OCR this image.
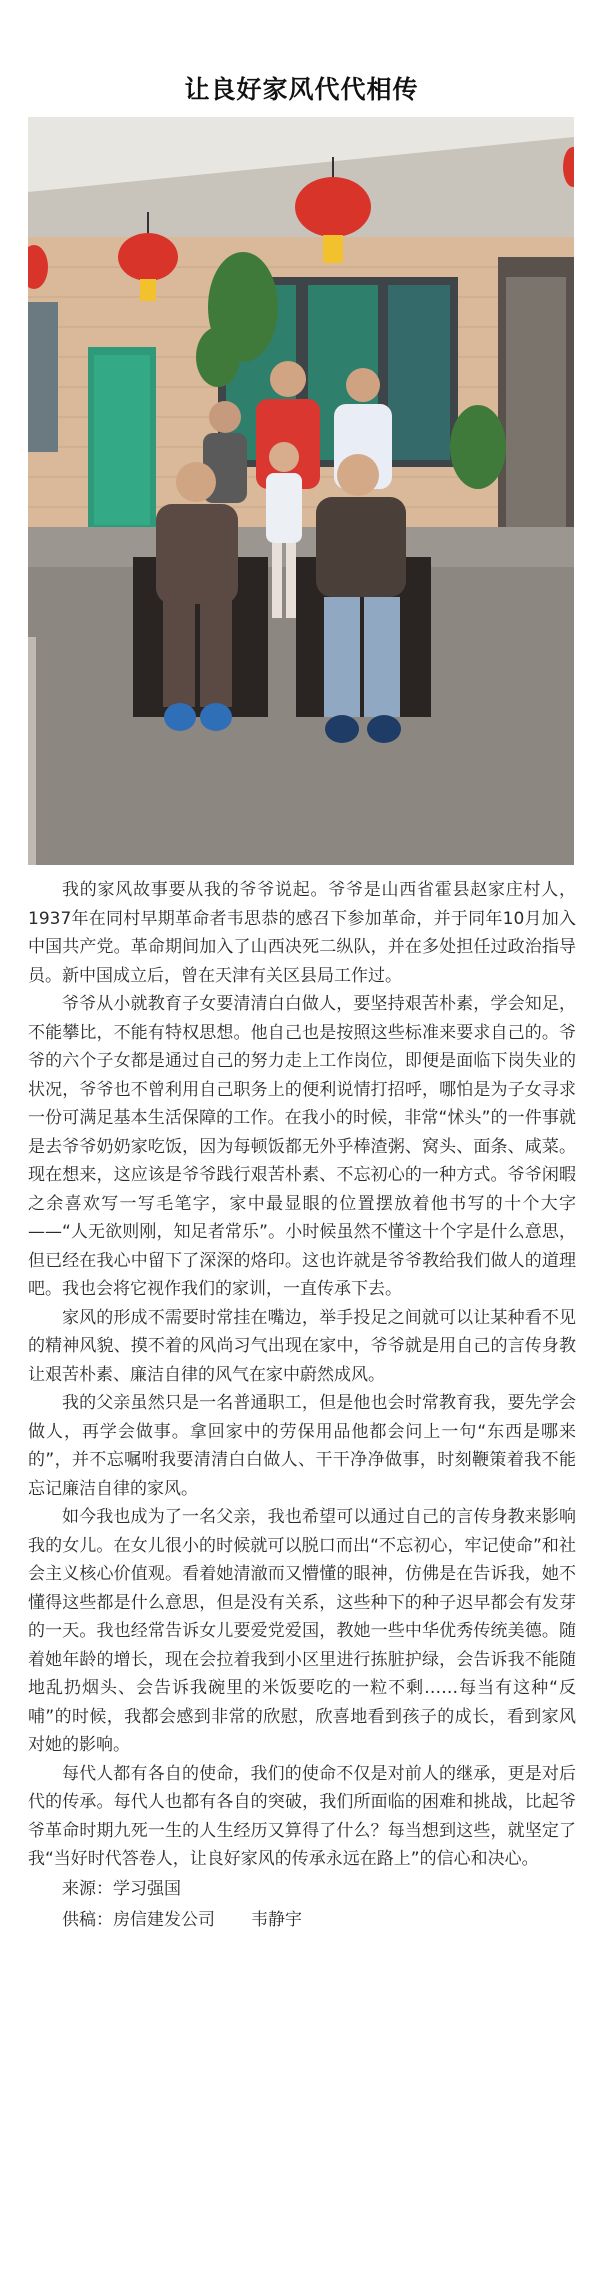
让良好家风代代相传

我的家风故事要从我的爷爷说起。爷爷是山西省霍县赵家庄村人，1937年在同村早期革命者韦思恭的感召下参加革命，并于同年10月加入中国共产党。革命期间加入了山西决死二纵队，并在多处担任过政治指导员。新中国成立后，曾在天津有关区县局工作过。

爷爷从小就教育子女要清清白白做人，要坚持艰苦朴素，学会知足，不能攀比，不能有特权思想。他自己也是按照这些标准来要求自己的。爷爷的六个子女都是通过自己的努力走上工作岗位，即便是面临下岗失业的状况，爷爷也不曾利用自己职务上的便利说情打招呼，哪怕是为子女寻求一份可满足基本生活保障的工作。在我小的时候，非常“怵头”的一件事就是去爷爷奶奶家吃饭，因为每顿饭都无外乎棒渣粥、窝头、面条、咸菜。现在想来，这应该是爷爷践行艰苦朴素、不忘初心的一种方式。爷爷闲暇之余喜欢写一写毛笔字，家中最显眼的位置摆放着他书写的十个大字——“人无欲则刚，知足者常乐”。小时候虽然不懂这十个字是什么意思，但已经在我心中留下了深深的烙印。这也许就是爷爷教给我们做人的道理吧。我也会将它视作我们的家训，一直传承下去。

家风的形成不需要时常挂在嘴边，举手投足之间就可以让某种看不见的精神风貌、摸不着的风尚习气出现在家中，爷爷就是用自己的言传身教让艰苦朴素、廉洁自律的风气在家中蔚然成风。

我的父亲虽然只是一名普通职工，但是他也会时常教育我，要先学会做人，再学会做事。拿回家中的劳保用品他都会问上一句“东西是哪来的”，并不忘嘱咐我要清清白白做人、干干净净做事，时刻鞭策着我不能忘记廉洁自律的家风。

如今我也成为了一名父亲，我也希望可以通过自己的言传身教来影响我的女儿。在女儿很小的时候就可以脱口而出“不忘初心，牢记使命”和社会主义核心价值观。看着她清澈而又懵懂的眼神，仿佛是在告诉我，她不懂得这些都是什么意思，但是没有关系，这些种下的种子迟早都会有发芽的一天。我也经常告诉女儿要爱党爱国，教她一些中华优秀传统美德。随着她年龄的增长，现在会拉着我到小区里进行拣脏护绿，会告诉我不能随地乱扔烟头、会告诉我碗里的米饭要吃的一粒不剩……每当有这种“反哺”的时候，我都会感到非常的欣慰，欣喜地看到孩子的成长，看到家风对她的影响。

每代人都有各自的使命，我们的使命不仅是对前人的继承，更是对后代的传承。每代人也都有各自的突破，我们所面临的困难和挑战，比起爷爷革命时期九死一生的人生经历又算得了什么？每当想到这些，就坚定了我“当好时代答卷人，让良好家风的传承永远在路上”的信心和决心。

来源：学习强国
供稿：房信建发公司 韦静宇
